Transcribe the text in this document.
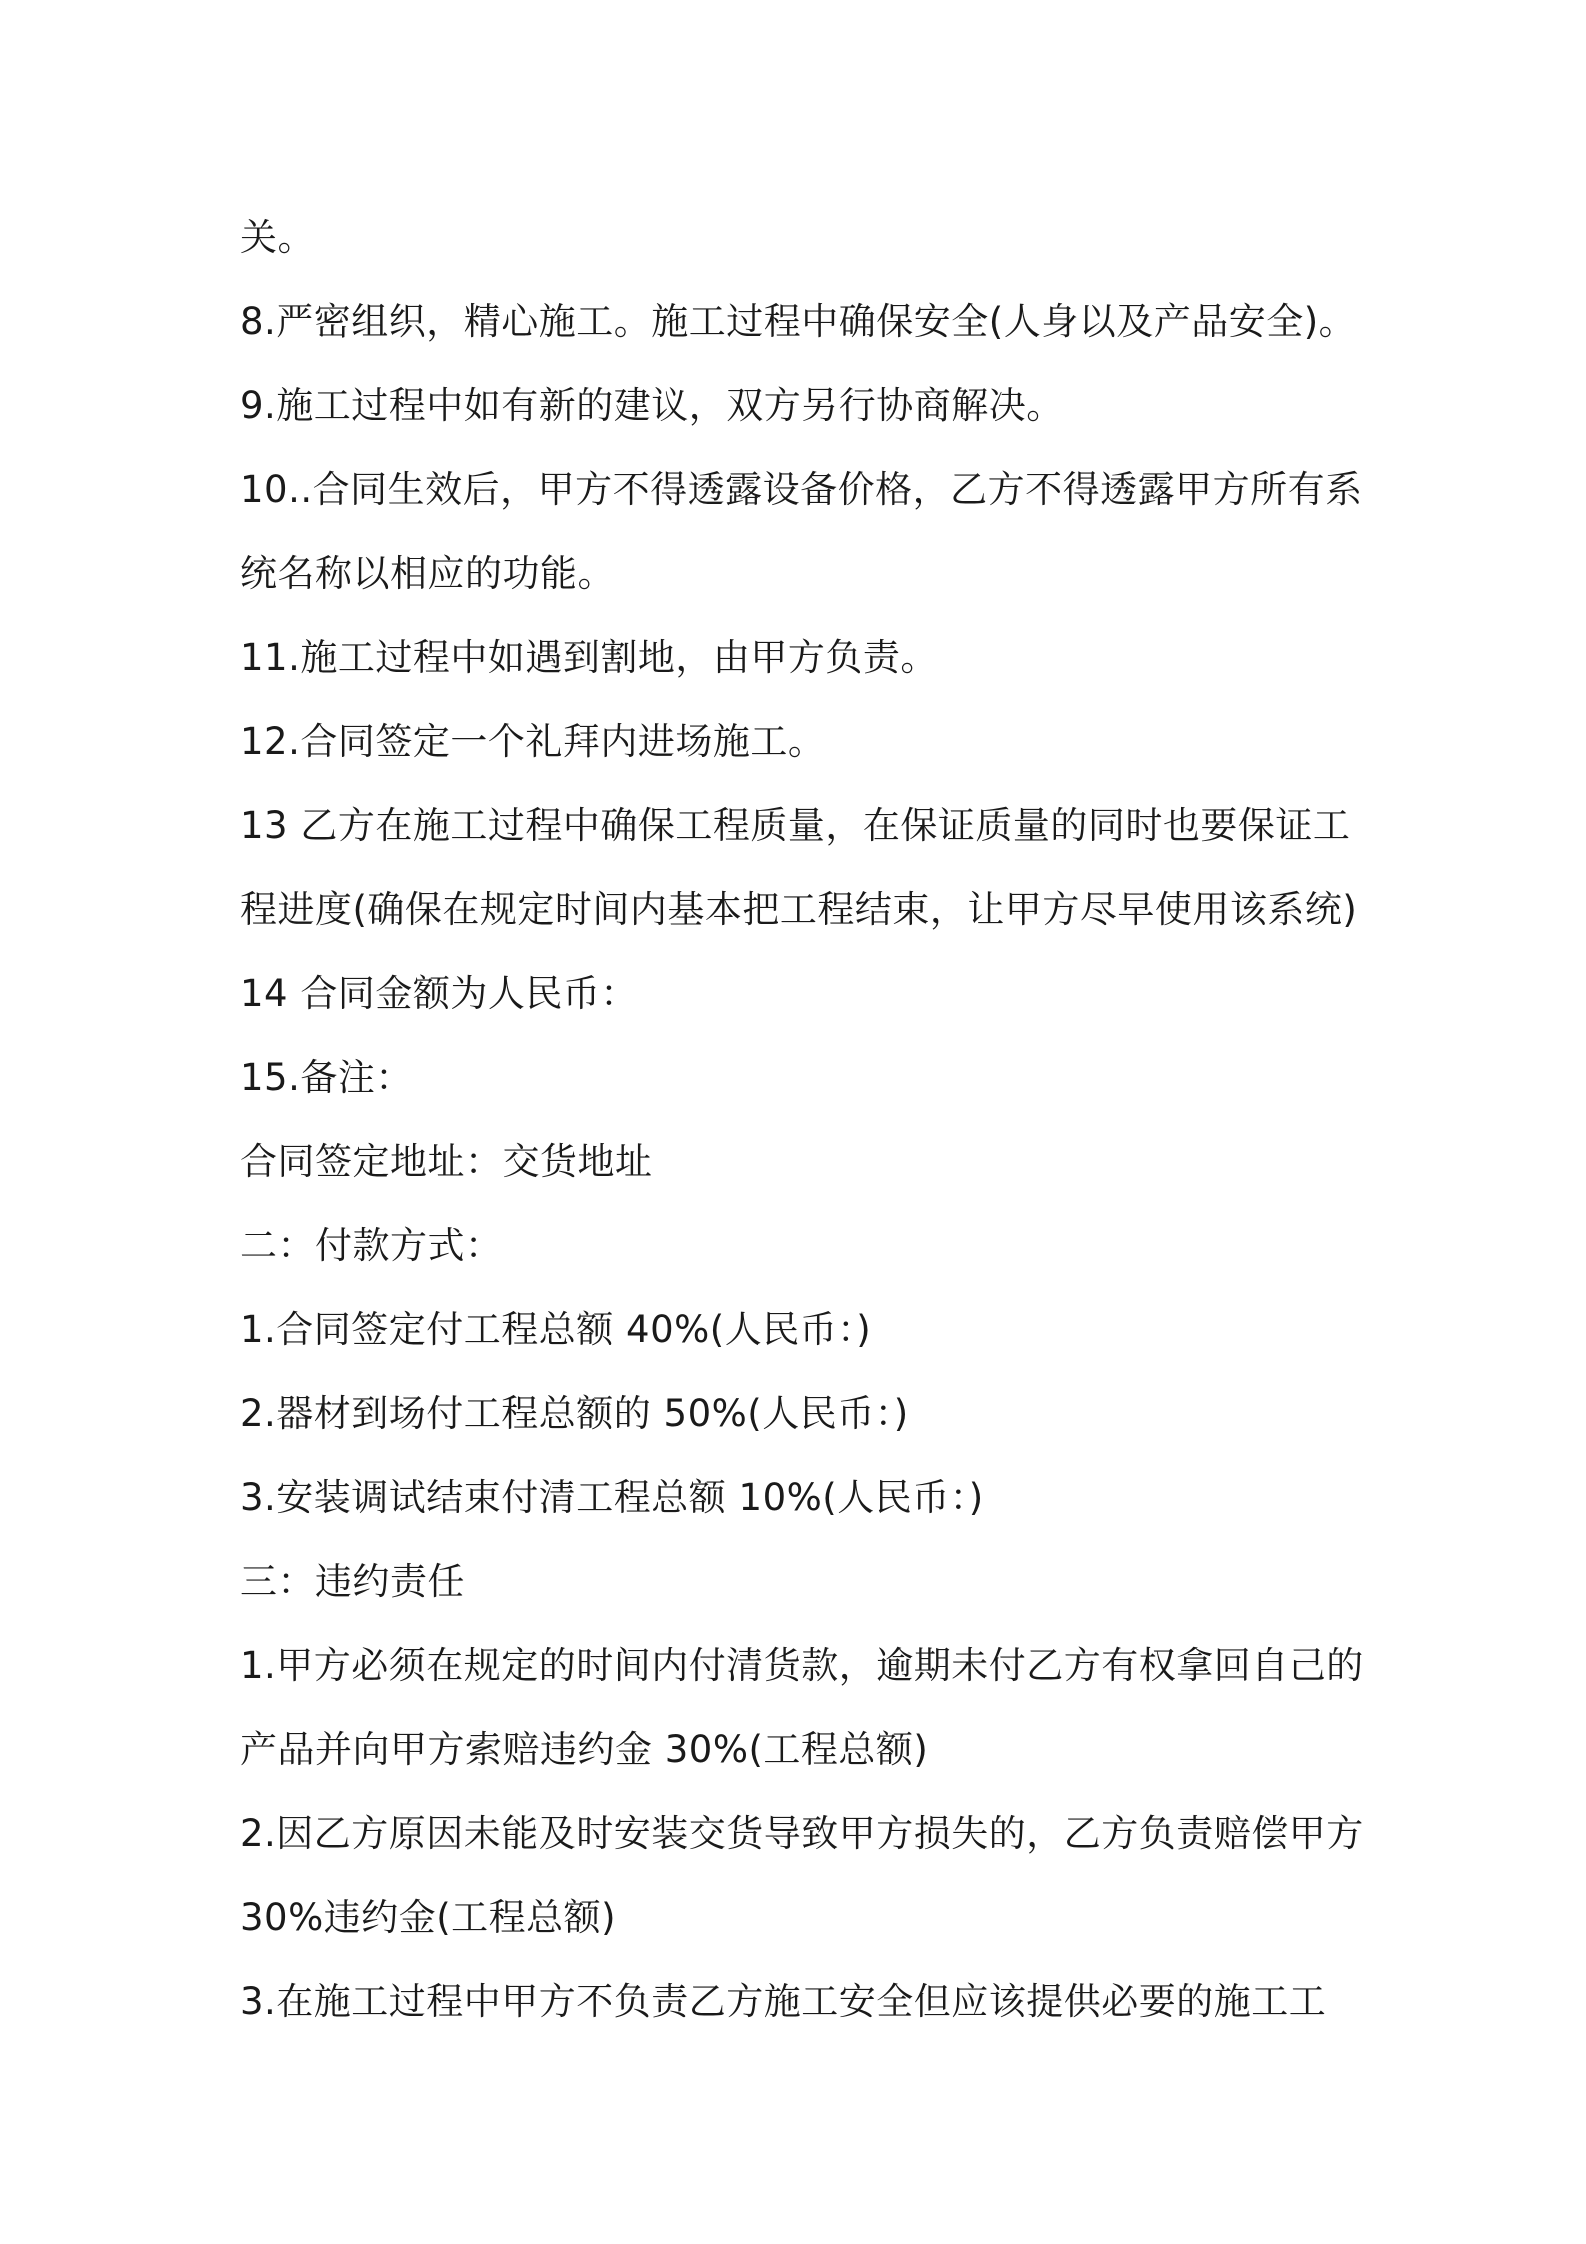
关。
8.严密组织，精心施工。施工过程中确保安全(人身以及产品安全)。
9.施工过程中如有新的建议，双方另行协商解决。
10..合同生效后，甲方不得透露设备价格，乙方不得透露甲方所有系
统名称以相应的功能。
11.施工过程中如遇到割地，由甲方负责。
12.合同签定一个礼拜内进场施工。
13 乙方在施工过程中确保工程质量，在保证质量的同时也要保证工
程进度(确保在规定时间内基本把工程结束，让甲方尽早使用该系统)
14 合同金额为人民币：
15.备注：
合同签定地址：交货地址
二：付款方式：
1.合同签定付工程总额 40%(人民币：)
2.器材到场付工程总额的 50%(人民币：)
3.安装调试结束付清工程总额 10%(人民币：)
三：违约责任
1.甲方必须在规定的时间内付清货款，逾期未付乙方有权拿回自己的
产品并向甲方索赔违约金 30%(工程总额)
2.因乙方原因未能及时安装交货导致甲方损失的，乙方负责赔偿甲方
30%违约金(工程总额)
3.在施工过程中甲方不负责乙方施工安全但应该提供必要的施工工
